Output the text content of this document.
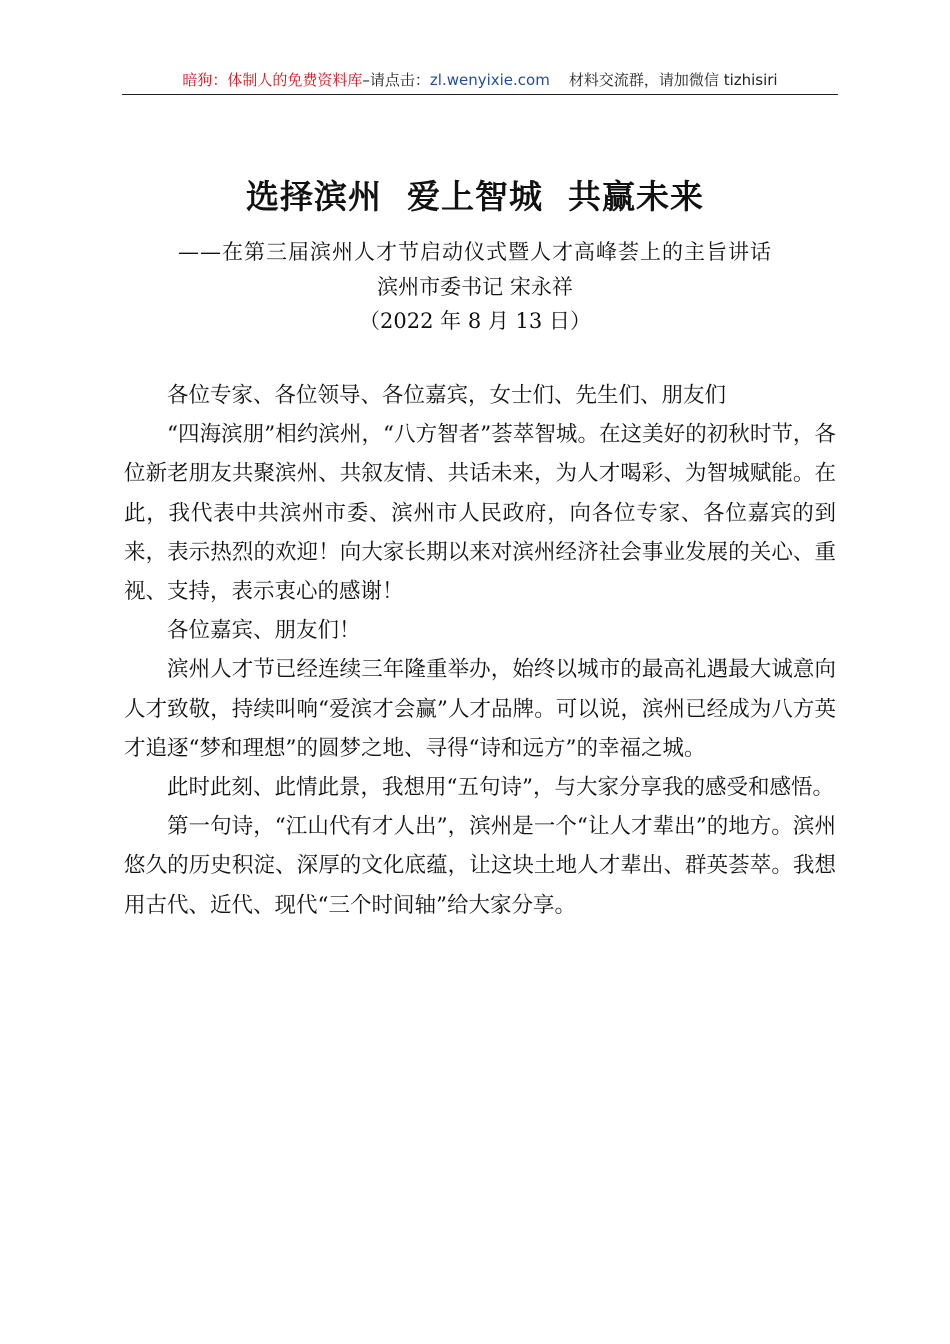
暗狗：体制人的免费资料库–请点击：zl.wenyixie.com 材料交流群，请加微信 tizhisiri
选择滨州  爱上智城  共赢未来
——在第三届滨州人才节启动仪式暨人才高峰荟上的主旨讲话
滨州市委书记 宋永祥
（2022 年 8 月 13 日）

各位专家、各位领导、各位嘉宾，女士们、先生们、朋友们

“四海滨朋”相约滨州，“八方智者”荟萃智城。在这美好的初秋时节，各位新老朋友共聚滨州、共叙友情、共话未来，为人才喝彩、为智城赋能。在此，我代表中共滨州市委、滨州市人民政府，向各位专家、各位嘉宾的到来，表示热烈的欢迎！向大家长期以来对滨州经济社会事业发展的关心、重视、支持，表示衷心的感谢！

各位嘉宾、朋友们！

滨州人才节已经连续三年隆重举办，始终以城市的最高礼遇最大诚意向人才致敬，持续叫响“爱滨才会赢”人才品牌。可以说，滨州已经成为八方英才追逐“梦和理想”的圆梦之地、寻得“诗和远方”的幸福之城。

此时此刻、此情此景，我想用“五句诗”，与大家分享我的感受和感悟。

第一句诗，“江山代有才人出”，滨州是一个“让人才辈出”的地方。滨州悠久的历史积淀、深厚的文化底蕴，让这块土地人才辈出、群英荟萃。我想用古代、近代、现代“三个时间轴”给大家分享。
